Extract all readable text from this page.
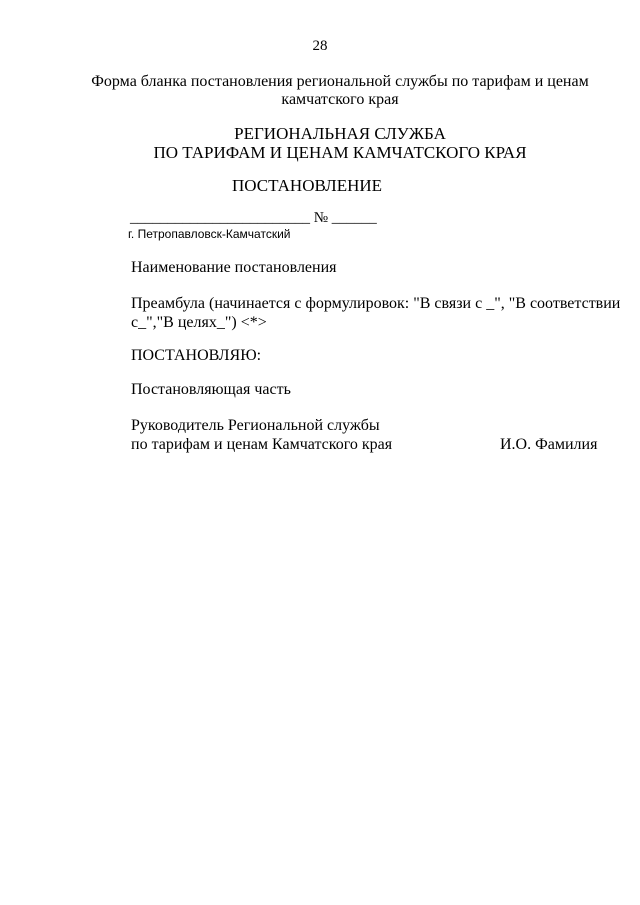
28
Форма бланка постановления региональной службы по тарифам и ценам
камчатского края
РЕГИОНАЛЬНАЯ СЛУЖБА
ПО ТАРИФАМ И ЦЕНАМ КАМЧАТСКОГО КРАЯ
ПОСТАНОВЛЕНИЕ
________________________ № ______
г. Петропавловск-Камчатский
Наименование постановления
Преамбула (начинается с формулировок: "В связи с _", "В соответствии
с_","В целях_") <*>
ПОСТАНОВЛЯЮ:
Постановляющая часть
Руководитель Региональной службы
по тарифам и ценам Камчатского края	И.О. Фамилия
